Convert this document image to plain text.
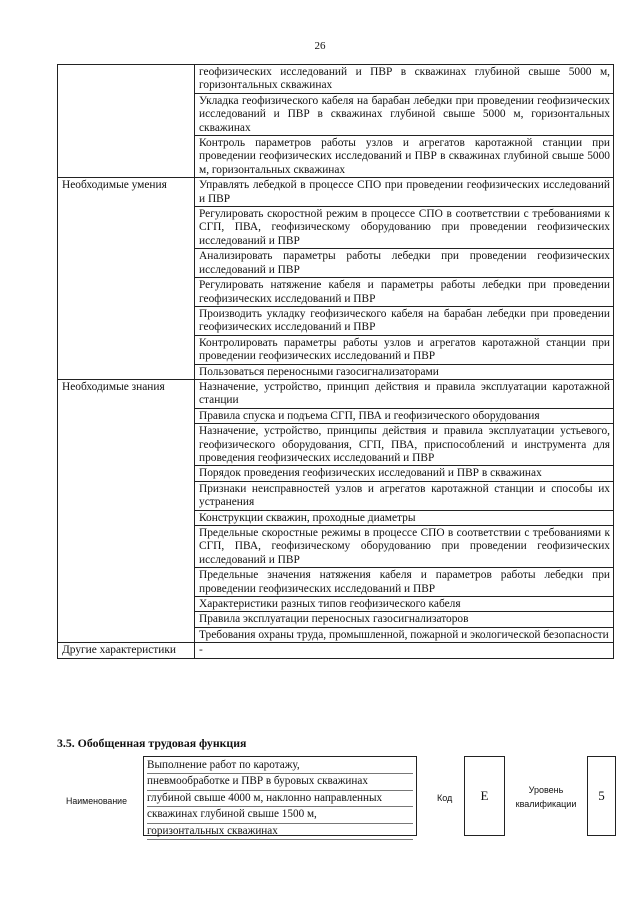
26
	геофизических исследований и ПВР в скважинах глубиной свыше 5000 м, горизонтальных скважинах
	Укладка геофизического кабеля на барабан лебедки при проведении геофизических исследований и ПВР в скважинах глубиной свыше 5000 м, горизонтальных скважинах
	Контроль параметров работы узлов и агрегатов каротажной станции при проведении геофизических исследований и ПВР в скважинах глубиной свыше 5000 м, горизонтальных скважинах
Необходимые умения	Управлять лебедкой в процессе СПО при проведении геофизических исследований и ПВР
	Регулировать скоростной режим в процессе СПО в соответствии с требованиями к СГП, ПВА, геофизическому оборудованию при проведении геофизических исследований и ПВР
	Анализировать параметры работы лебедки при проведении геофизических исследований и ПВР
	Регулировать натяжение кабеля и параметры работы лебедки при проведении геофизических исследований и ПВР
	Производить укладку геофизического кабеля на барабан лебедки при проведении геофизических исследований и ПВР
	Контролировать параметры работы узлов и агрегатов каротажной станции при проведении геофизических исследований и ПВР
	Пользоваться переносными газосигнализаторами
Необходимые знания	Назначение, устройство, принцип действия и правила эксплуатации каротажной станции
	Правила спуска и подъема СГП, ПВА и геофизического оборудования
	Назначение, устройство, принципы действия и правила эксплуатации устьевого, геофизического оборудования, СГП, ПВА, приспособлений и инструмента для проведения геофизических исследований и ПВР
	Порядок проведения геофизических исследований и ПВР в скважинах
	Признаки неисправностей узлов и агрегатов каротажной станции и способы их устранения
	Конструкции скважин, проходные диаметры
	Предельные скоростные режимы в процессе СПО в соответствии с требованиями к СГП, ПВА, геофизическому оборудованию при проведении геофизических исследований и ПВР
	Предельные значения натяжения кабеля и параметров работы лебедки при проведении геофизических исследований и ПВР
	Характеристики разных типов геофизического кабеля
	Правила эксплуатации переносных газосигнализаторов
	Требования охраны труда, промышленной, пожарной и экологической безопасности
Другие характеристики	-
3.5. Обобщенная трудовая функция
Наименование
Выполнение работ по каротажу,
пневмообработке и ПВР в буровых скважинах
глубиной свыше 4000 м, наклонно направленных
скважинах глубиной свыше 1500 м,
горизонтальных скважинах
Код	E	Уровень квалификации
5
